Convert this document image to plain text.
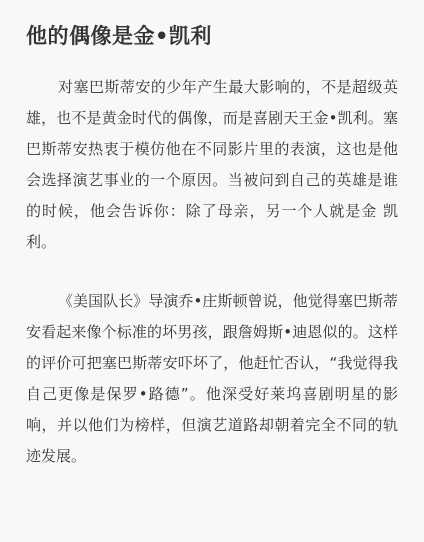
他的偶像是金•凯利

对塞巴斯蒂安的少年产生最大影响的，不是超级英雄，也不是黄金时代的偶像，而是喜剧天王金•凯利。塞巴斯蒂安热衷于模仿他在不同影片里的表演，这也是他会选择演艺事业的一个原因。当被问到自己的英雄是谁的时候，他会告诉你：除了母亲，另一个人就是金 凯利。

《美国队长》导演乔•庄斯顿曾说，他觉得塞巴斯蒂安看起来像个标准的坏男孩，跟詹姆斯•迪恩似的。这样的评价可把塞巴斯蒂安吓坏了，他赶忙否认，“我觉得我自己更像是保罗•路德”。他深受好莱坞喜剧明星的影响，并以他们为榜样，但演艺道路却朝着完全不同的轨迹发展。
